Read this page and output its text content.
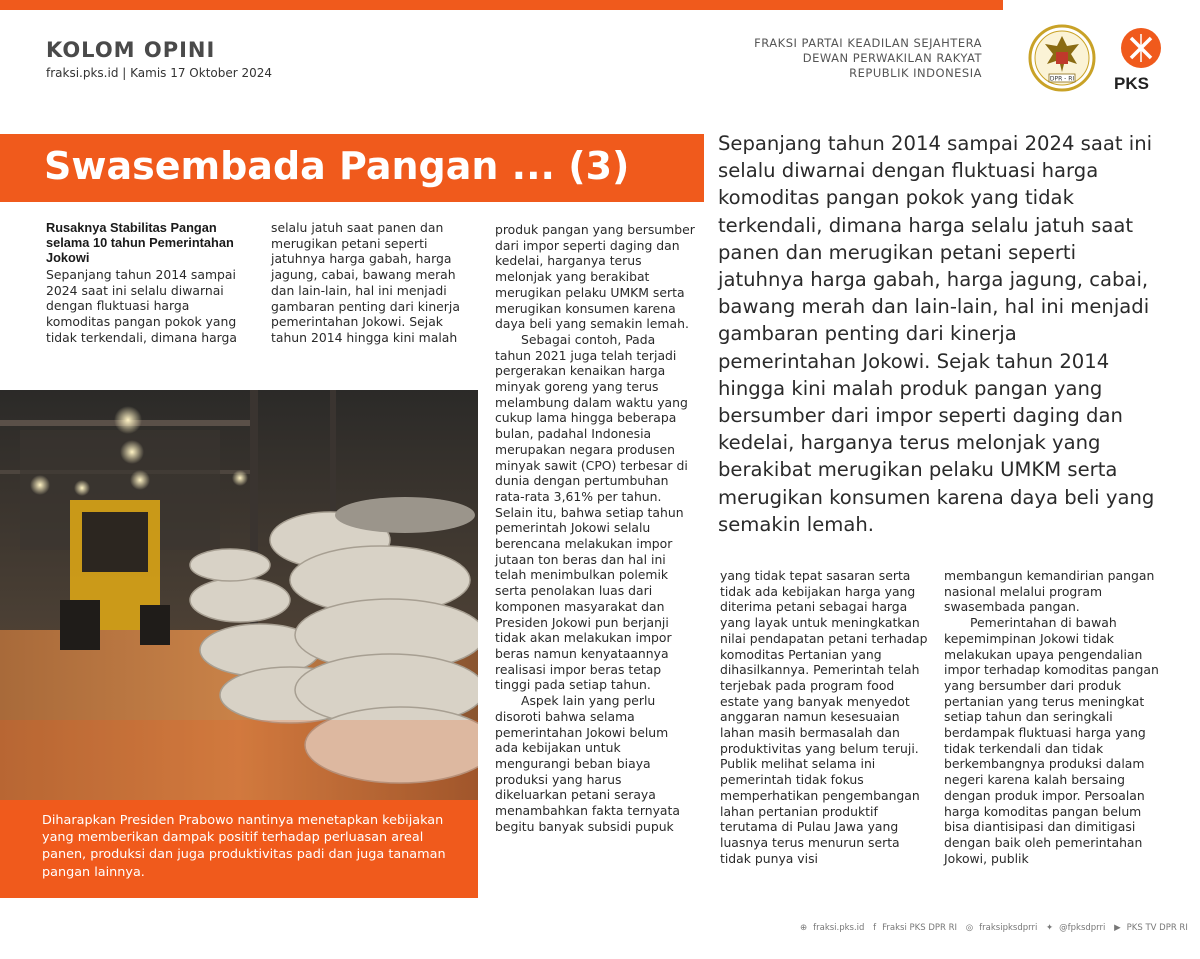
KOLOM OPINI
fraksi.pks.id | Kamis 17 Oktober 2024
FRAKSI PARTAI KEADILAN SEJAHTERA
DEWAN PERWAKILAN RAKYAT
REPUBLIK INDONESIA	DPR - RI PKS
Swasembada Pangan ... (3)
Rusaknya Stabilitas Pangan selama 10 tahun Pemerintahan Jokowi

Sepanjang tahun 2014 sampai 2024 saat ini selalu diwarnai dengan fluktuasi harga komoditas pangan pokok yang tidak terkendali, dimana harga

selalu jatuh saat panen dan merugikan petani seperti jatuhnya harga gabah, harga jagung, cabai, bawang merah dan lain-lain, hal ini menjadi gambaran penting dari kinerja pemerintahan Jokowi. Sejak tahun 2014 hingga kini malah

produk pangan yang bersumber dari impor seperti daging dan kedelai, harganya terus melonjak yang berakibat merugikan pelaku UMKM serta merugikan konsumen karena daya beli yang semakin lemah.

Sebagai contoh, Pada tahun 2021 juga telah terjadi pergerakan kenaikan harga minyak goreng yang terus melambung dalam waktu yang cukup lama hingga beberapa bulan, padahal Indonesia merupakan negara produsen minyak sawit (CPO) terbesar di dunia dengan pertumbuhan rata-rata 3,61% per tahun. Selain itu, bahwa setiap tahun pemerintah Jokowi selalu berencana melakukan impor jutaan ton beras dan hal ini telah menimbulkan polemik serta penolakan luas dari komponen masyarakat dan Presiden Jokowi pun berjanji tidak akan melakukan impor beras namun kenyataannya realisasi impor beras tetap tinggi pada setiap tahun.

Aspek lain yang perlu disoroti bahwa selama pemerintahan Jokowi belum ada kebijakan untuk mengurangi beban biaya produksi yang harus dikeluarkan petani seraya menambahkan fakta ternyata begitu banyak subsidi pupuk

Sepanjang tahun 2014 sampai 2024 saat ini selalu diwarnai dengan fluktuasi harga komoditas pangan pokok yang tidak terkendali, dimana harga selalu jatuh saat panen dan merugikan petani seperti jatuhnya harga gabah, harga jagung, cabai, bawang merah dan lain-lain, hal ini menjadi gambaran penting dari kinerja pemerintahan Jokowi. Sejak tahun 2014 hingga kini malah produk pangan yang bersumber dari impor seperti daging dan kedelai, harganya terus melonjak yang berakibat merugikan pelaku UMKM serta merugikan konsumen karena daya beli yang semakin lemah.

yang tidak tepat sasaran serta tidak ada kebijakan harga yang diterima petani sebagai harga yang layak untuk meningkatkan nilai pendapatan petani terhadap komoditas Pertanian yang dihasilkannya. Pemerintah telah terjebak pada program food estate yang banyak menyedot anggaran namun kesesuaian lahan masih bermasalah dan produktivitas yang belum teruji. Publik melihat selama ini pemerintah tidak fokus memperhatikan pengembangan lahan pertanian produktif terutama di Pulau Jawa yang luasnya terus menurun serta tidak punya visi

membangun kemandirian pangan nasional melalui program swasembada pangan.

Pemerintahan di bawah kepemimpinan Jokowi tidak melakukan upaya pengendalian impor terhadap komoditas pangan yang bersumber dari produk pertanian yang terus meningkat setiap tahun dan seringkali berdampak fluktuasi harga yang tidak terkendali dan tidak berkembangnya produksi dalam negeri karena kalah bersaing dengan produk impor. Persoalan harga komoditas pangan belum bisa diantisipasi dan dimitigasi dengan baik oleh pemerintahan Jokowi, publik

Diharapkan Presiden Prabowo nantinya menetapkan kebijakan yang memberikan dampak positif terhadap perluasan areal panen, produksi dan juga produktivitas padi dan juga tanaman pangan lainnya.
⊕ fraksi.pks.id f Fraksi PKS DPR RI ◎ fraksipksdprri ✦ @fpksdprri ▶ PKS TV DPR RI
